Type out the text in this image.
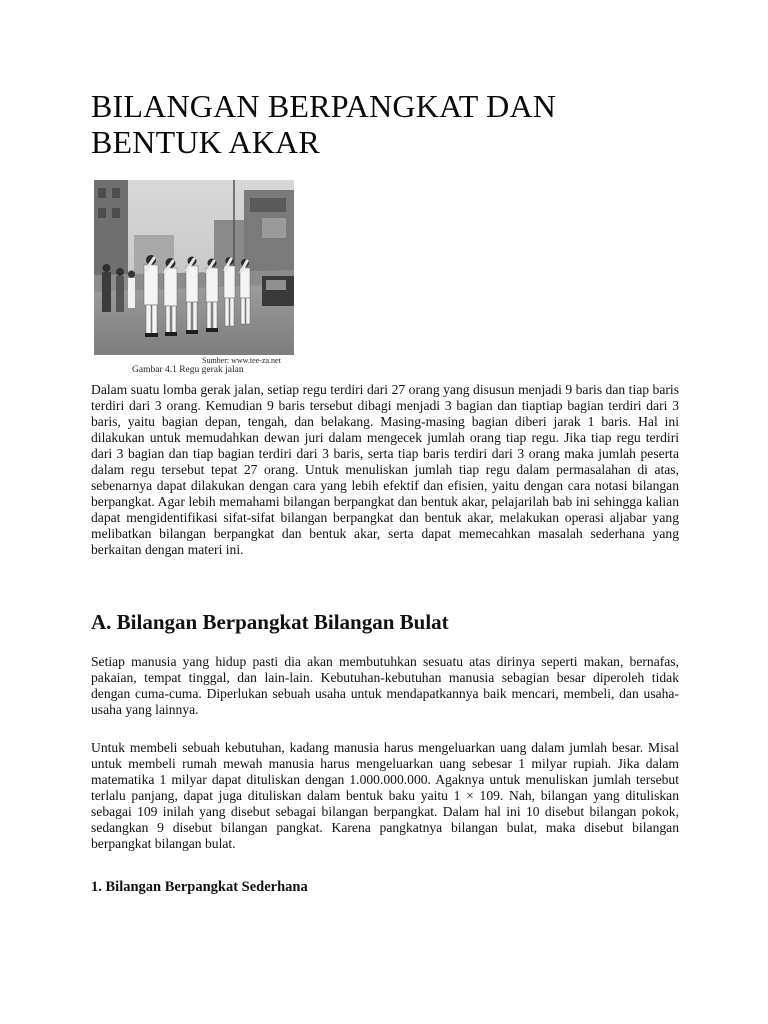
BILANGAN BERPANGKAT DAN BENTUK AKAR
Sumber: www.tee-za.net
Gambar 4.1 Regu gerak jalan

Dalam suatu lomba gerak jalan, setiap regu terdiri dari 27 orang yang disusun menjadi 9 baris dan tiap baris terdiri dari 3 orang. Kemudian 9 baris tersebut dibagi menjadi 3 bagian dan tiaptiap bagian terdiri dari 3 baris, yaitu bagian depan, tengah, dan belakang. Masing-masing bagian diberi jarak 1 baris. Hal ini dilakukan untuk memudahkan dewan juri dalam mengecek jumlah orang tiap regu. Jika tiap regu terdiri dari 3 bagian dan tiap bagian terdiri dari 3 baris, serta tiap baris terdiri dari 3 orang maka jumlah peserta dalam regu tersebut tepat 27 orang. Untuk menuliskan jumlah tiap regu dalam permasalahan di atas, sebenarnya dapat dilakukan dengan cara yang lebih efektif dan efisien, yaitu dengan cara notasi bilangan berpangkat. Agar lebih memahami bilangan berpangkat dan bentuk akar, pelajarilah bab ini sehingga kalian dapat mengidentifikasi sifat-sifat bilangan berpangkat dan bentuk akar, melakukan operasi aljabar yang melibatkan bilangan berpangkat dan bentuk akar, serta dapat memecahkan masalah sederhana yang berkaitan dengan materi ini.

A. Bilangan Berpangkat Bilangan Bulat

Setiap manusia yang hidup pasti dia akan membutuhkan sesuatu atas dirinya seperti makan, bernafas, pakaian, tempat tinggal, dan lain-lain. Kebutuhan-kebutuhan manusia sebagian besar diperoleh tidak dengan cuma-cuma. Diperlukan sebuah usaha untuk mendapatkannya baik mencari, membeli, dan usaha-usaha yang lainnya.

Untuk membeli sebuah kebutuhan, kadang manusia harus mengeluarkan uang dalam jumlah besar. Misal untuk membeli rumah mewah manusia harus mengeluarkan uang sebesar 1 milyar rupiah. Jika dalam matematika 1 milyar dapat dituliskan dengan 1.000.000.000. Agaknya untuk menuliskan jumlah tersebut terlalu panjang, dapat juga dituliskan dalam bentuk baku yaitu 1 × 109. Nah, bilangan yang dituliskan sebagai 109 inilah yang disebut sebagai bilangan berpangkat. Dalam hal ini 10 disebut bilangan pokok, sedangkan 9 disebut bilangan pangkat. Karena pangkatnya bilangan bulat, maka disebut bilangan berpangkat bilangan bulat.

1. Bilangan Berpangkat Sederhana
